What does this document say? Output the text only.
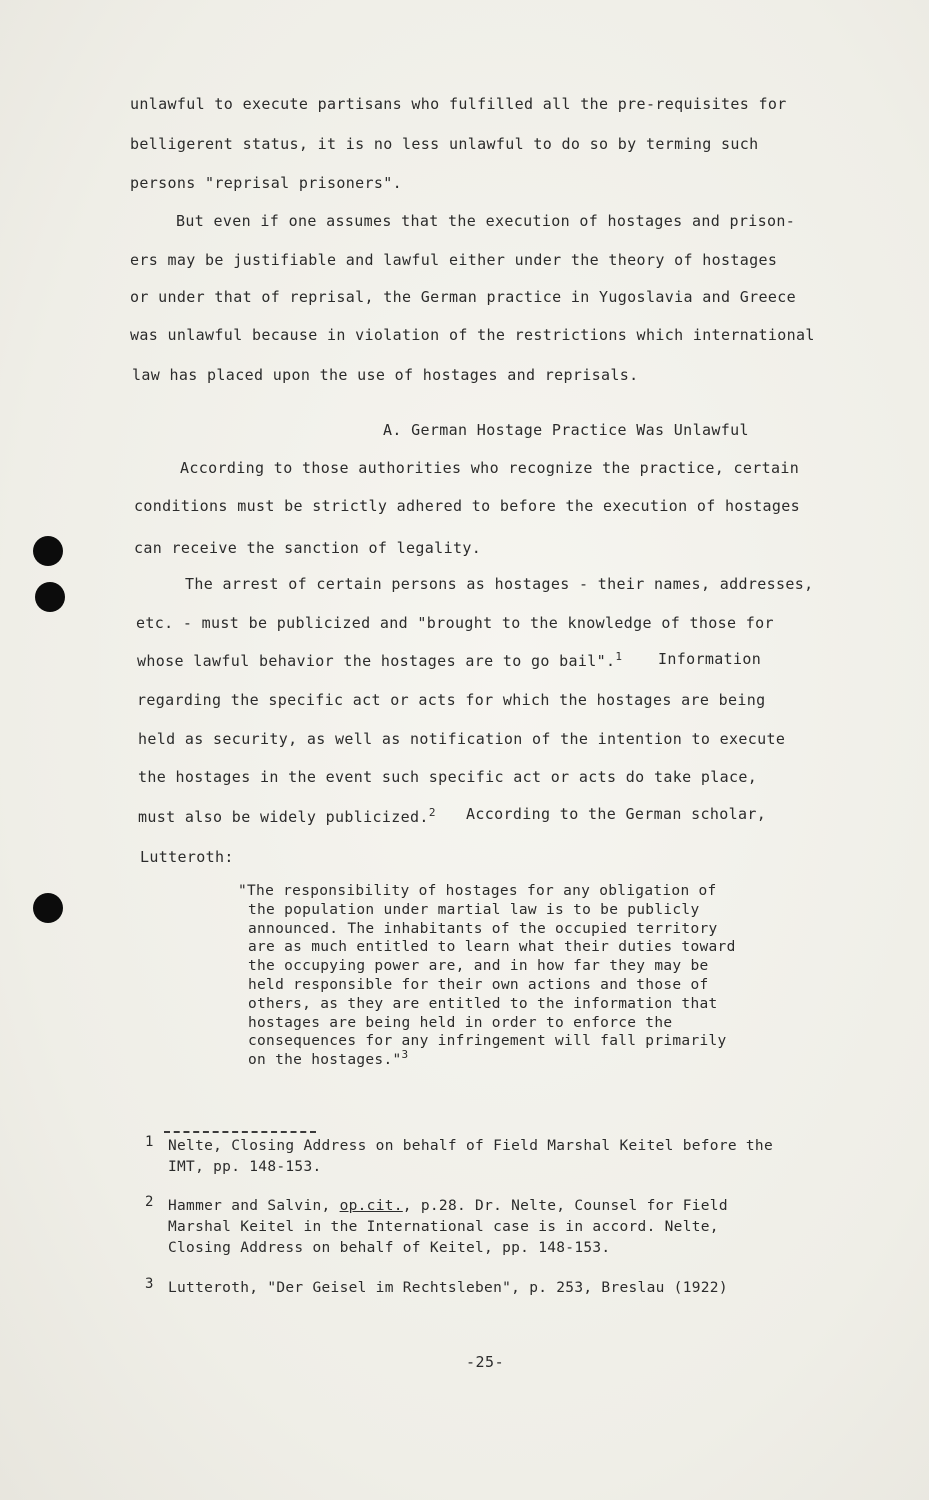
unlawful to execute partisans who fulfilled all the pre-requisites for
belligerent status, it is no less unlawful to do so by terming such
persons "reprisal prisoners".
But even if one assumes that the execution of hostages and prison-
ers may be justifiable and lawful either under the theory of hostages
or under that of reprisal, the German practice in Yugoslavia and Greece
was unlawful because in violation of the restrictions which international
law has placed upon the use of hostages and reprisals.
A. German Hostage Practice Was Unlawful
According to those authorities who recognize the practice, certain
conditions must be strictly adhered to before the execution of hostages
can receive the sanction of legality.
The arrest of certain persons as hostages - their names, addresses,
etc. - must be publicized and "brought to the knowledge of those for
whose lawful behavior the hostages are to go bail".$^1$ Information
regarding the specific act or acts for which the hostages are being
held as security, as well as notification of the intention to execute
the hostages in the event such specific act or acts do take place,
must also be widely publicized.$^2$ According to the German scholar,
Lutteroth:
"The responsibility of hostages for any obligation of
the population under martial law is to be publicly
announced. The inhabitants of the occupied territory
are as much entitled to learn what their duties toward
the occupying power are, and in how far they may be
held responsible for their own actions and those of
others, as they are entitled to the information that
hostages are being held in order to enforce the
consequences for any infringement will fall primarily
on the hostages."$^3$
1 Nelte, Closing Address on behalf of Field Marshal Keitel before the
IMT, pp. 148-153.
2 Hammer and Salvin, op.cit., p.28. Dr. Nelte, Counsel for Field
Marshal Keitel in the International case is in accord. Nelte,
Closing Address on behalf of Keitel, pp. 148-153.
3 Lutteroth, "Der Geisel im Rechtsleben", p. 253, Breslau (1922)
-25-
